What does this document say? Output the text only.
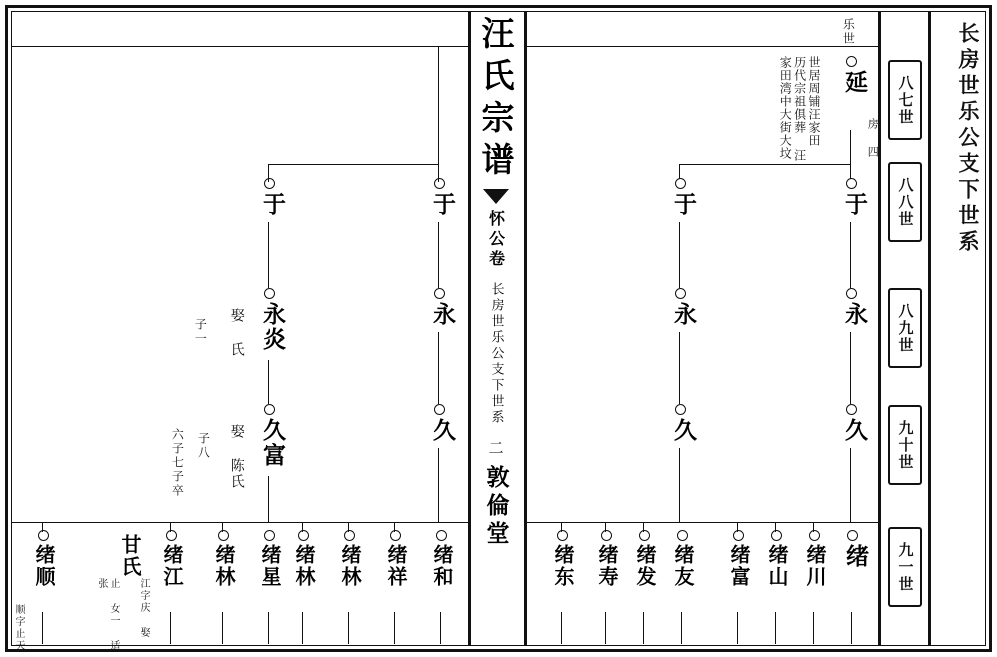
长房世乐公支下世系
八七世
八八世
八九世
九十世
九一世
汪氏宗谱
怀公卷
长房世乐公支下世系
二
敦倫堂
乐世
延
房 四
世居周铺汪家田 历代宗祖俱葬 汪家田湾中大街大坟
于
于
永
永
久
久
绪
绪川
绪山
绪富
绪友
绪发
绪寿
绪东
于
于
永
永炎
娶 氏
子一
久
久富
娶 陈氏
子八
六子七子卒
绪和
绪祥
绪林
绪林
绪星
绪林
绪江
江字庆 娶
甘氏
止 女一 适张
绪顺
顺字止天
